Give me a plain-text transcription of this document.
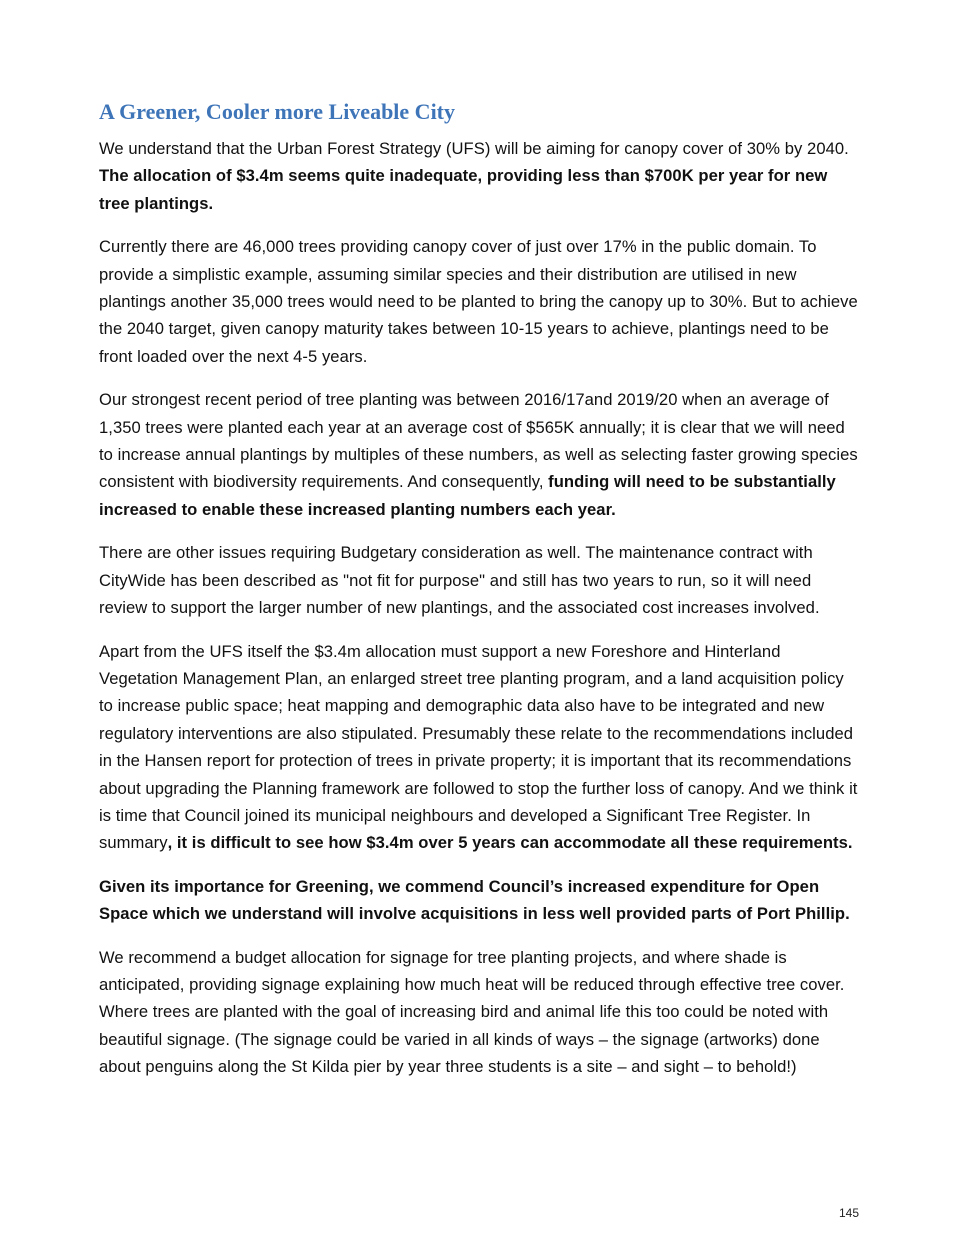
A Greener, Cooler more Liveable City

We understand that the Urban Forest Strategy (UFS) will be aiming for canopy cover of 30% by 2040. The allocation of $3.4m seems quite inadequate, providing less than $700K per year for new tree plantings.

Currently there are 46,000 trees providing canopy cover of just over 17% in the public domain. To provide a simplistic example, assuming similar species and their distribution are utilised in new plantings another 35,000 trees would need to be planted to bring the canopy up to 30%. But to achieve the 2040 target, given canopy maturity takes between 10-15 years to achieve, plantings need to be front loaded over the next 4-5 years.

Our strongest recent period of tree planting was between 2016/17and 2019/20 when an average of 1,350 trees were planted each year at an average cost of $565K annually; it is clear that we will need to increase annual plantings by multiples of these numbers, as well as selecting faster growing species consistent with biodiversity requirements. And consequently, funding will need to be substantially increased to enable these increased planting numbers each year.

There are other issues requiring Budgetary consideration as well. The maintenance contract with CityWide has been described as "not fit for purpose" and still has two years to run, so it will need review to support the larger number of new plantings, and the associated cost increases involved.

Apart from the UFS itself the $3.4m allocation must support a new Foreshore and Hinterland Vegetation Management Plan, an enlarged street tree planting program, and a land acquisition policy to increase public space; heat mapping and demographic data also have to be integrated and new regulatory interventions are also stipulated. Presumably these relate to the recommendations included in the Hansen report for protection of trees in private property; it is important that its recommendations about upgrading the Planning framework are followed to stop the further loss of canopy. And we think it is time that Council joined its municipal neighbours and developed a Significant Tree Register. In summary, it is difficult to see how $3.4m over 5 years can accommodate all these requirements.

Given its importance for Greening, we commend Council’s increased expenditure for Open Space which we understand will involve acquisitions in less well provided parts of Port Phillip.

We recommend a budget allocation for signage for tree planting projects, and where shade is anticipated, providing signage explaining how much heat will be reduced through effective tree cover. Where trees are planted with the goal of increasing bird and animal life this too could be noted with beautiful signage. (The signage could be varied in all kinds of ways – the signage (artworks) done about penguins along the St Kilda pier by year three students is a site – and sight – to behold!)

145
